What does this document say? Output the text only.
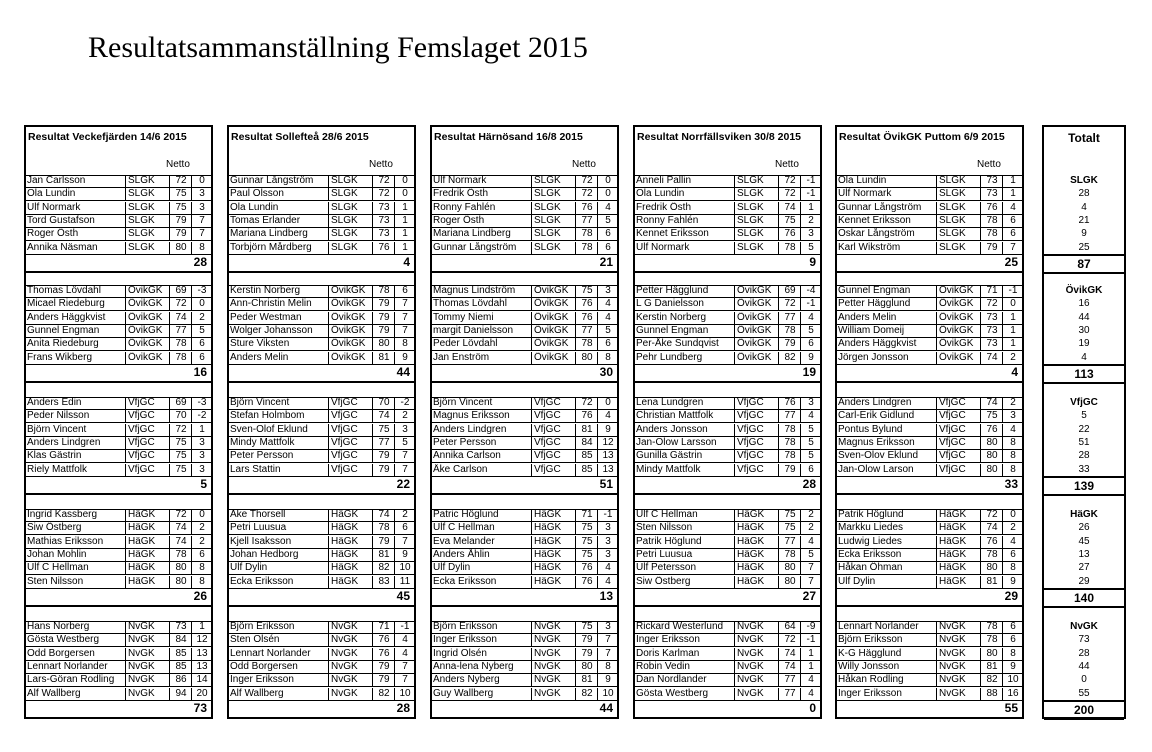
Resultatsammanställning Femslaget 2015
Resultat Veckefjärden 14/6 2015
Netto
Jan Carlsson	SLGK	72	0
Ola Lundin	SLGK	75	3
Ulf Normark	SLGK	75	3
Tord Gustafson	SLGK	79	7
Roger Östh	SLGK	79	7
Annika Näsman	SLGK	80	8
28
Thomas Lövdahl	ÖvikGK	69	-3
Micael Riedeburg	ÖvikGK	72	0
Anders Häggkvist	ÖvikGK	74	2
Gunnel Engman	ÖvikGK	77	5
Anita Riedeburg	ÖvikGK	78	6
Frans Wikberg	ÖvikGK	78	6
16
Anders Edin	VfjGC	69	-3
Peder Nilsson	VfjGC	70	-2
Björn Vincent	VfjGC	72	1
Anders Lindgren	VfjGC	75	3
Klas Gästrin	VfjGC	75	3
Riely Mattfolk	VfjGC	75	3
5
Ingrid Kassberg	HäGK	72	0
Siw Östberg	HäGK	74	2
Mathias Eriksson	HäGK	74	2
Johan Mohlin	HäGK	78	6
Ulf C Hellman	HäGK	80	8
Sten Nilsson	HäGK	80	8
26
Hans Norberg	NvGK	73	1
Gösta Westberg	NvGK	84 12
Odd Borgersen	NvGK	85 13
Lennart Norlander	NvGK	85 13
Lars-Göran Rodling	NvGK	86 14
Alf Wallberg	NvGK	94 20
73
Resultat Sollefteå 28/6 2015
Netto
Gunnar Långström	SLGK	72	0
Paul Olsson	SLGK	72	0
Ola Lundin	SLGK	73	1
Tomas Erlander	SLGK	73	1
Mariana Lindberg	SLGK	73	1
Torbjörn Mårdberg	SLGK	76	1
4
Kerstin Norberg	ÖvikGK	78	6
Ann-Christin Melin	ÖvikGK	79	7
Peder Westman	ÖvikGK	79	7
Wolger Johansson	ÖvikGK	79	7
Sture Viksten	ÖvikGK	80	8
Anders Melin	ÖvikGK	81	9
44
Björn Vincent	VfjGC	70	-2
Stefan Holmbom	VfjGC	74	2
Sven-Olof Eklund	VfjGC	75	3
Mindy Mattfolk	VfjGC	77	5
Peter Persson	VfjGC	79	7
Lars Stattin	VfjGC	79	7
22
Åke Thorsell	HäGK	74	2
Petri Luusua	HäGK	78	6
Kjell Isaksson	HäGK	79	7
Johan Hedborg	HäGK	81	9
Ulf Dylin	HäGK	82 10
Ecka Eriksson	HäGK	83	11
45
Björn Eriksson	NvGK	71	-1
Sten Olsén	NvGK	76	4
Lennart Norlander	NvGK	76	4
Odd Borgersen	NvGK	79	7
Inger Eriksson	NvGK	79	7
Alf Wallberg	NvGK	82 10
28
Resultat Härnösand 16/8 2015
Netto
Ulf Normark	SLGK	72	0
Fredrik Östh	SLGK	72	0
Ronny Fahlén	SLGK	76	4
Roger Östh	SLGK	77	5
Mariana Lindberg	SLGK	78	6
Gunnar Långström	SLGK	78	6
21
Magnus Lindström	ÖvikGK	75	3
Thomas Lövdahl	ÖvikGK	76	4
Tommy Niemi	ÖvikGK	76	4
margit Danielsson	ÖvikGK	77	5
Peder Lövdahl	ÖvikGK	78	6
Jan Enström	ÖvikGK	80	8
30
Björn Vincent	VfjGC	72	0
Magnus Eriksson	VfjGC	76	4
Anders Lindgren	VfjGC	81	9
Peter Persson	VfjGC	84 12
Annika Carlson	VfjGC	85 13
Åke Carlson	VfjGC	85 13
51
Patric Höglund	HäGK	71	-1
Ulf C Hellman	HäGK	75	3
Eva Melander	HäGK	75	3
Anders Åhlin	HäGK	75	3
Ulf Dylin	HäGK	76	4
Ecka Eriksson	HäGK	76	4
13
Björn Eriksson	NvGK	75	3
Inger Eriksson	NvGK	79	7
Ingrid Olsén	NvGK	79	7
Anna-lena Nyberg	NvGK	80	8
Anders Nyberg	NvGK	81	9
Guy Wallberg	NvGK	82 10
44
Resultat Norrfällsviken 30/8 2015
Netto
Anneli Pallin	SLGK	72	-1
Ola Lundin	SLGK	72	-1
Fredrik Östh	SLGK	74	1
Ronny Fahlén	SLGK	75	2
Kennet Eriksson	SLGK	76	3
Ulf Normark	SLGK	78	5
9
Petter Hägglund	ÖvikGK	69	-4
L G Danielsson	ÖvikGK	72	-1
Kerstin Norberg	ÖvikGK	77	4
Gunnel Engman	ÖvikGK	78	5
Per-Åke Sundqvist	ÖvikGK	79	6
Pehr Lundberg	ÖvikGK	82	9
19
Lena Lundgren	VfjGC	76	3
Christian Mattfolk	VfjGC	77	4
Anders Jonsson	VfjGC	78	5
Jan-Olow Larsson	VfjGC	78	5
Gunilla Gästrin	VfjGC	78	5
Mindy Mattfolk	VfjGC	79	6
28
Ulf C Hellman	HäGK	75	2
Sten Nilsson	HäGK	75	2
Patrik Höglund	HäGK	77	4
Petri Luusua	HäGK	78	5
Ulf Petersson	HäGK	80	7
Siw Östberg	HäGK	80	7
27
Rickard Westerlund	NvGK	64	-9
Inger Eriksson	NvGK	72	-1
Doris Karlman	NvGK	74	1
Robin Vedin	NvGK	74	1
Dan Nordlander	NvGK	77	4
Gösta Westberg	NvGK	77	4
0
Resultat ÖvikGK Puttom 6/9 2015
Netto
Ola Lundin	SLGK	73	1
Ulf Normark	SLGK	73	1
Gunnar Långström	SLGK	76	4
Kennet Eriksson	SLGK	78	6
Oskar Långström	SLGK	78	6
Karl Wikström	SLGK	79	7
25
Gunnel Engman	ÖvikGK	71	-1
Petter Hägglund	ÖvikGK	72	0
Anders Melin	ÖvikGK	73	1
William Domeij	ÖvikGK	73	1
Anders Häggkvist	ÖvikGK	73	1
Jörgen Jonsson	ÖvikGK	74	2
4
Anders Lindgren	VfjGC	74	2
Carl-Erik Gidlund	VfjGC	75	3
Pontus Bylund	VfjGC	76	4
Magnus Eriksson	VfjGC	80	8
Sven-Olov Eklund	VfjGC	80	8
Jan-Olow Larson	VfjGC	80	8
33
Patrik Höglund	HäGK	72	0
Markku Liedes	HäGK	74	2
Ludwig Liedes	HäGK	76	4
Ecka Eriksson	HäGK	78	6
Håkan Öhman	HäGK	80	8
Ulf Dylin	HäGK	81	9
29
Lennart Norlander	NvGK	78	6
Björn Eriksson	NvGK	78	6
K-G Hägglund	NvGK	80	8
Willy Jonsson	NvGK	81	9
Håkan Rodling	NvGK	82 10
Inger Eriksson	NvGK	88 16
55
Totalt
SLGK
28
4
21
9
25
87
ÖvikGK
16
44
30
19
4
113
VfjGC
5
22
51
28
33
139
HäGK
26
45
13
27
29
140
NvGK
73
28
44
0
55
200
